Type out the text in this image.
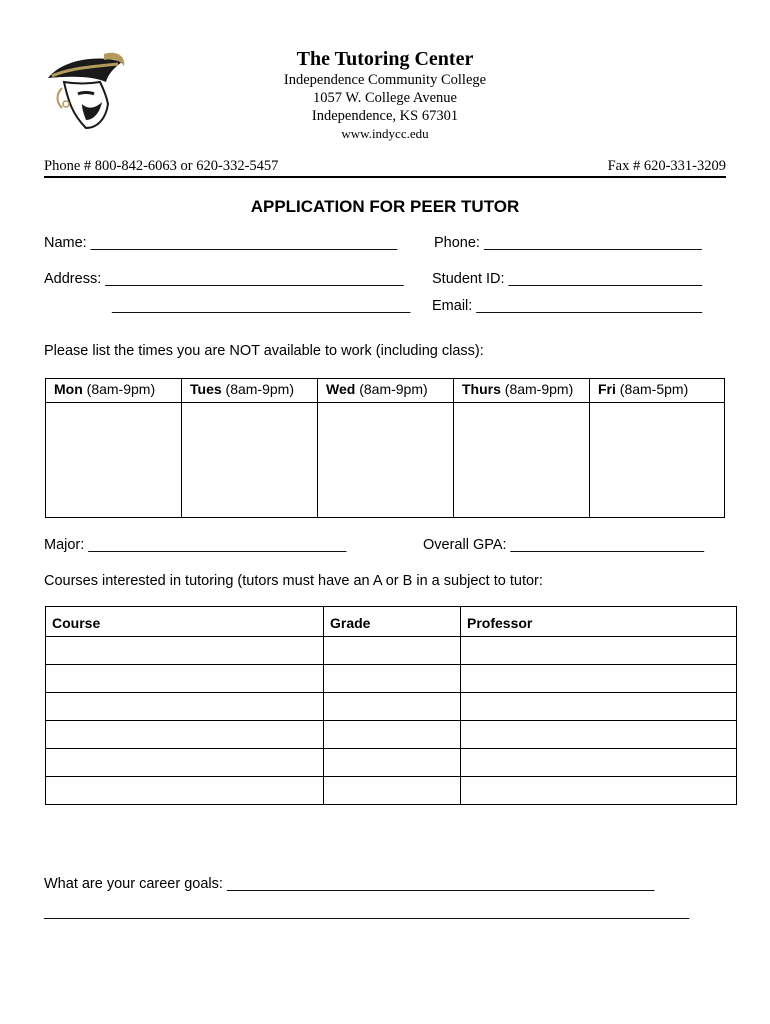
The Tutoring Center
Independence Community College
1057 W. College Avenue
Independence, KS 67301
www.indycc.edu
Phone # 800-842-6063 or 620-332-5457	Fax # 620-331-3209
APPLICATION FOR PEER TUTOR
Name: ______________________________________	Phone: ___________________________
Address: _____________________________________ Student ID: ________________________
_____________________________________ Email: ____________________________
Please list the times you are NOT available to work (including class):
Mon (8am-9pm)	Tues (8am-9pm)	Wed (8am-9pm)	Thurs (8am-9pm)	Fri (8am-5pm)

Major: ________________________________	Overall GPA: ________________________
Courses interested in tutoring (tutors must have an A or B in a subject to tutor:
Course	Grade	Professor

What are your career goals: _____________________________________________________
________________________________________________________________________________
